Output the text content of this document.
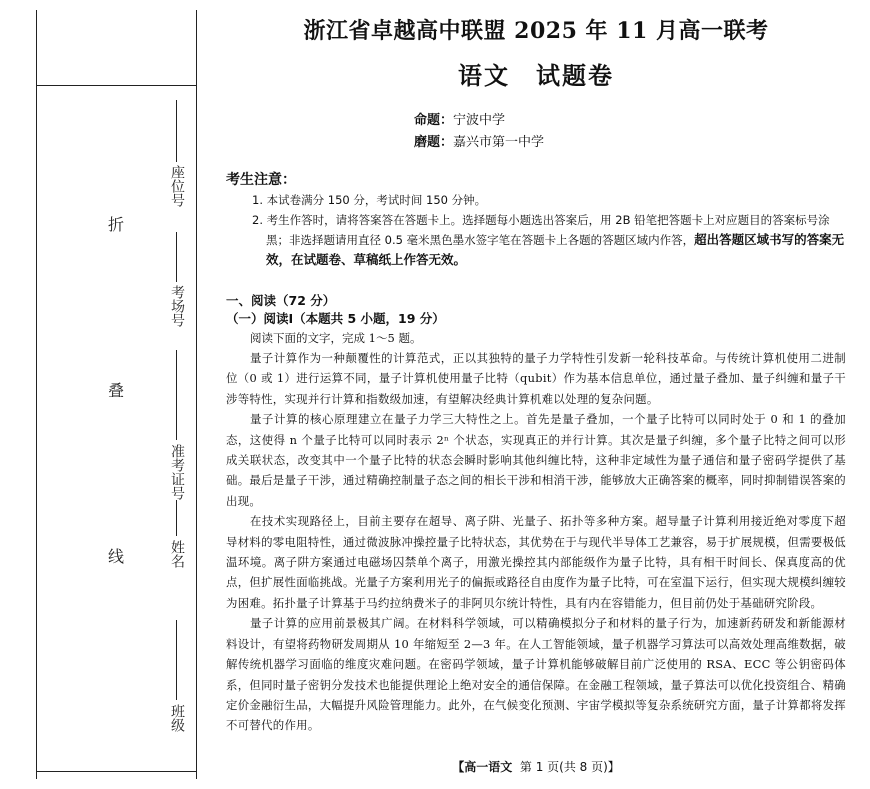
折
叠
线
座位号
考场号
准考证号
姓名
班级
浙江省卓越高中联盟 2025 年 11 月高一联考
语文　试题卷
命题：宁波中学
磨题：嘉兴市第一中学
考生注意：
1. 本试卷满分 150 分，考试时间 150 分钟。
2. 考生作答时，请将答案答在答题卡上。选择题每小题选出答案后，用 2B 铅笔把答题卡上对应题目的答案标号涂黑；非选择题请用直径 0.5 毫米黑色墨水签字笔在答题卡上各题的答题区域内作答，超出答题区域书写的答案无效，在试题卷、草稿纸上作答无效。
一、阅读（72 分）
（一）阅读Ⅰ（本题共 5 小题，19 分）

阅读下面的文字，完成 1～5 题。

量子计算作为一种颠覆性的计算范式，正以其独特的量子力学特性引发新一轮科技革命。与传统计算机使用二进制位（0 或 1）进行运算不同，量子计算机使用量子比特（qubit）作为基本信息单位，通过量子叠加、量子纠缠和量子干涉等特性，实现并行计算和指数级加速，有望解决经典计算机难以处理的复杂问题。

量子计算的核心原理建立在量子力学三大特性之上。首先是量子叠加，一个量子比特可以同时处于 0 和 1 的叠加态，这使得 n 个量子比特可以同时表示 2ⁿ 个状态，实现真正的并行计算。其次是量子纠缠，多个量子比特之间可以形成关联状态，改变其中一个量子比特的状态会瞬时影响其他纠缠比特，这种非定域性为量子通信和量子密码学提供了基础。最后是量子干涉，通过精确控制量子态之间的相长干涉和相消干涉，能够放大正确答案的概率，同时抑制错误答案的出现。

在技术实现路径上，目前主要存在超导、离子阱、光量子、拓扑等多种方案。超导量子计算利用接近绝对零度下超导材料的零电阻特性，通过微波脉冲操控量子比特状态，其优势在于与现代半导体工艺兼容，易于扩展规模，但需要极低温环境。离子阱方案通过电磁场囚禁单个离子，用激光操控其内部能级作为量子比特，具有相干时间长、保真度高的优点，但扩展性面临挑战。光量子方案利用光子的偏振或路径自由度作为量子比特，可在室温下运行，但实现大规模纠缠较为困难。拓扑量子计算基于马约拉纳费米子的非阿贝尔统计特性，具有内在容错能力，但目前仍处于基础研究阶段。

量子计算的应用前景极其广阔。在材料科学领域，可以精确模拟分子和材料的量子行为，加速新药研发和新能源材料设计，有望将药物研发周期从 10 年缩短至 2—3 年。在人工智能领域，量子机器学习算法可以高效处理高维数据，破解传统机器学习面临的维度灾难问题。在密码学领域，量子计算机能够破解目前广泛使用的 RSA、ECC 等公钥密码体系，但同时量子密钥分发技术也能提供理论上绝对安全的通信保障。在金融工程领域，量子算法可以优化投资组合、精确定价金融衍生品，大幅提升风险管理能力。此外，在气候变化预测、宇宙学模拟等复杂系统研究方面，量子计算都将发挥不可替代的作用。

【高一语文 第 1 页(共 8 页)】
